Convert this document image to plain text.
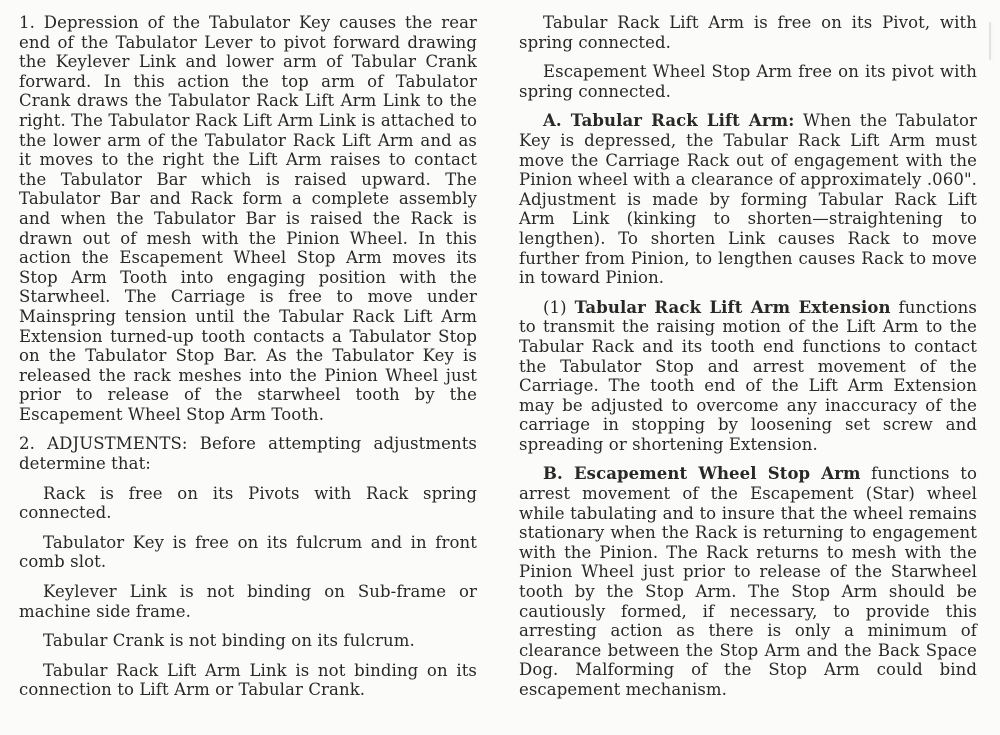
1. Depression of the Tabulator Key causes the rear end of the Tabulator Lever to pivot forward drawing the Keylever Link and lower arm of Tabular Crank forward. In this action the top arm of Tabulator Crank draws the Tabulator Rack Lift Arm Link to the right. The Tabulator Rack Lift Arm Link is attached to the lower arm of the Tabulator Rack Lift Arm and as it moves to the right the Lift Arm raises to contact the Tabulator Bar which is raised upward. The Tabulator Bar and Rack form a complete assembly and when the Tabulator Bar is raised the Rack is drawn out of mesh with the Pinion Wheel. In this action the Escapement Wheel Stop Arm moves its Stop Arm Tooth into engaging position with the Starwheel. The Carriage is free to move under Mainspring tension until the Tabular Rack Lift Arm Extension turned-up tooth contacts a Tabulator Stop on the Tabulator Stop Bar. As the Tabulator Key is released the rack meshes into the Pinion Wheel just prior to release of the starwheel tooth by the Escapement Wheel Stop Arm Tooth.

2. ADJUSTMENTS: Before attempting adjustments determine that:

Rack is free on its Pivots with Rack spring connected.

Tabulator Key is free on its fulcrum and in front comb slot.

Keylever Link is not binding on Sub-frame or machine side frame.

Tabular Crank is not binding on its fulcrum.

Tabular Rack Lift Arm Link is not binding on its connection to Lift Arm or Tabular Crank.

Tabular Rack Lift Arm is free on its Pivot, with spring connected.

Escapement Wheel Stop Arm free on its pivot with spring connected.

A. Tabular Rack Lift Arm: When the Tabulator Key is depressed, the Tabular Rack Lift Arm must move the Carriage Rack out of engagement with the Pinion wheel with a clearance of approximately .060". Adjustment is made by forming Tabular Rack Lift Arm Link (kinking to shorten—straightening to lengthen). To shorten Link causes Rack to move further from Pinion, to lengthen causes Rack to move in toward Pinion.

(1) Tabular Rack Lift Arm Extension functions to transmit the raising motion of the Lift Arm to the Tabular Rack and its tooth end functions to contact the Tabulator Stop and arrest movement of the Carriage. The tooth end of the Lift Arm Extension may be adjusted to overcome any inaccuracy of the carriage in stopping by loosening set screw and spreading or shortening Extension.

B. Escapement Wheel Stop Arm functions to arrest movement of the Escapement (Star) wheel while tabulating and to insure that the wheel remains stationary when the Rack is returning to engagement with the Pinion. The Rack returns to mesh with the Pinion Wheel just prior to release of the Starwheel tooth by the Stop Arm. The Stop Arm should be cautiously formed, if necessary, to provide this arresting action as there is only a minimum of clearance between the Stop Arm and the Back Space Dog. Malforming of the Stop Arm could bind escapement mechanism.
